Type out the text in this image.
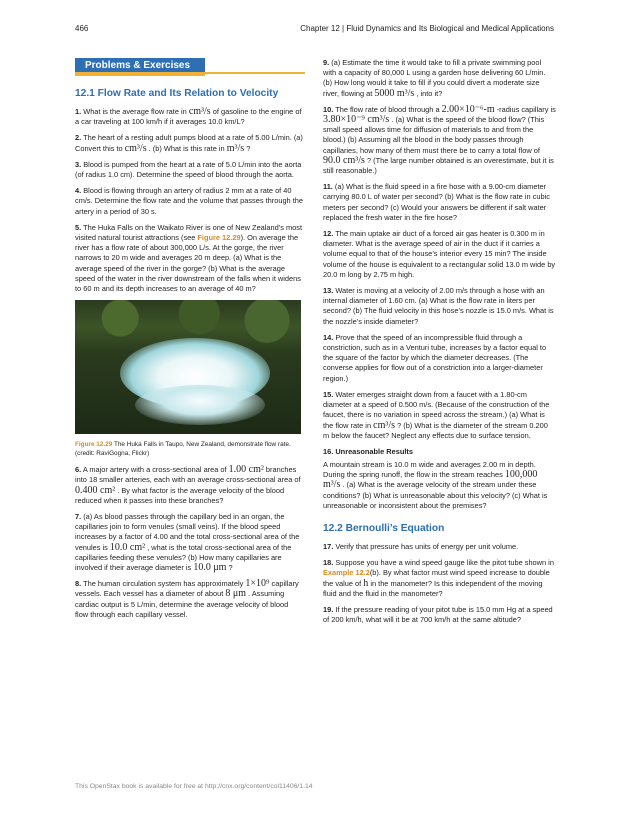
466	Chapter 12 | Fluid Dynamics and Its Biological and Medical Applications
Problems & Exercises
12.1 Flow Rate and Its Relation to Velocity

1. What is the average flow rate in cm³/s of gasoline to the engine of a car traveling at 100 km/h if it averages 10.0 km/L?

2. The heart of a resting adult pumps blood at a rate of 5.00 L/min. (a) Convert this to cm³/s . (b) What is this rate in m³/s ?

3. Blood is pumped from the heart at a rate of 5.0 L/min into the aorta (of radius 1.0 cm). Determine the speed of blood through the aorta.

4. Blood is flowing through an artery of radius 2 mm at a rate of 40 cm/s. Determine the flow rate and the volume that passes through the artery in a period of 30 s.

5. The Huka Falls on the Waikato River is one of New Zealand’s most visited natural tourist attractions (see Figure 12.29). On average the river has a flow rate of about 300,000 L/s. At the gorge, the river narrows to 20 m wide and averages 20 m deep. (a) What is the average speed of the river in the gorge? (b) What is the average speed of the water in the river downstream of the falls when it widens to 60 m and its depth increases to an average of 40 m?

Figure 12.29 The Huka Falls in Taupo, New Zealand, demonstrate flow rate. (credit: RaviGogna, Flickr)

6. A major artery with a cross-sectional area of 1.00 cm² branches into 18 smaller arteries, each with an average cross-sectional area of 0.400 cm² . By what factor is the average velocity of the blood reduced when it passes into these branches?

7. (a) As blood passes through the capillary bed in an organ, the capillaries join to form venules (small veins). If the blood speed increases by a factor of 4.00 and the total cross-sectional area of the venules is 10.0 cm² , what is the total cross-sectional area of the capillaries feeding these venules? (b) How many capillaries are involved if their average diameter is 10.0 μm ?

8. The human circulation system has approximately 1×10⁹ capillary vessels. Each vessel has a diameter of about 8 μm . Assuming cardiac output is 5 L/min, determine the average velocity of blood flow through each capillary vessel.

9. (a) Estimate the time it would take to fill a private swimming pool with a capacity of 80,000 L using a garden hose delivering 60 L/min. (b) How long would it take to fill if you could divert a moderate size river, flowing at 5000 m³/s , into it?

10. The flow rate of blood through a 2.00×10⁻⁶-m -radius capillary is 3.80×10⁻⁹ cm³/s . (a) What is the speed of the blood flow? (This small speed allows time for diffusion of materials to and from the blood.) (b) Assuming all the blood in the body passes through capillaries, how many of them must there be to carry a total flow of 90.0 cm³/s ? (The large number obtained is an overestimate, but it is still reasonable.)

11. (a) What is the fluid speed in a fire hose with a 9.00-cm diameter carrying 80.0 L of water per second? (b) What is the flow rate in cubic meters per second? (c) Would your answers be different if salt water replaced the fresh water in the fire hose?

12. The main uptake air duct of a forced air gas heater is 0.300 m in diameter. What is the average speed of air in the duct if it carries a volume equal to that of the house’s interior every 15 min? The inside volume of the house is equivalent to a rectangular solid 13.0 m wide by 20.0 m long by 2.75 m high.

13. Water is moving at a velocity of 2.00 m/s through a hose with an internal diameter of 1.60 cm. (a) What is the flow rate in liters per second? (b) The fluid velocity in this hose’s nozzle is 15.0 m/s. What is the nozzle’s inside diameter?

14. Prove that the speed of an incompressible fluid through a constriction, such as in a Venturi tube, increases by a factor equal to the square of the factor by which the diameter decreases. (The converse applies for flow out of a constriction into a larger-diameter region.)

15. Water emerges straight down from a faucet with a 1.80-cm diameter at a speed of 0.500 m/s. (Because of the construction of the faucet, there is no variation in speed across the stream.) (a) What is the flow rate in cm³/s ? (b) What is the diameter of the stream 0.200 m below the faucet? Neglect any effects due to surface tension.

16. Unreasonable Results

A mountain stream is 10.0 m wide and averages 2.00 m in depth. During the spring runoff, the flow in the stream reaches 100,000 m³/s . (a) What is the average velocity of the stream under these conditions? (b) What is unreasonable about this velocity? (c) What is unreasonable or inconsistent about the premises?

12.2 Bernoulli’s Equation

17. Verify that pressure has units of energy per unit volume.

18. Suppose you have a wind speed gauge like the pitot tube shown in Example 12.2(b). By what factor must wind speed increase to double the value of h in the manometer? Is this independent of the moving fluid and the fluid in the manometer?

19. If the pressure reading of your pitot tube is 15.0 mm Hg at a speed of 200 km/h, what will it be at 700 km/h at the same altitude?

This OpenStax book is available for free at http://cnx.org/content/col11406/1.14
